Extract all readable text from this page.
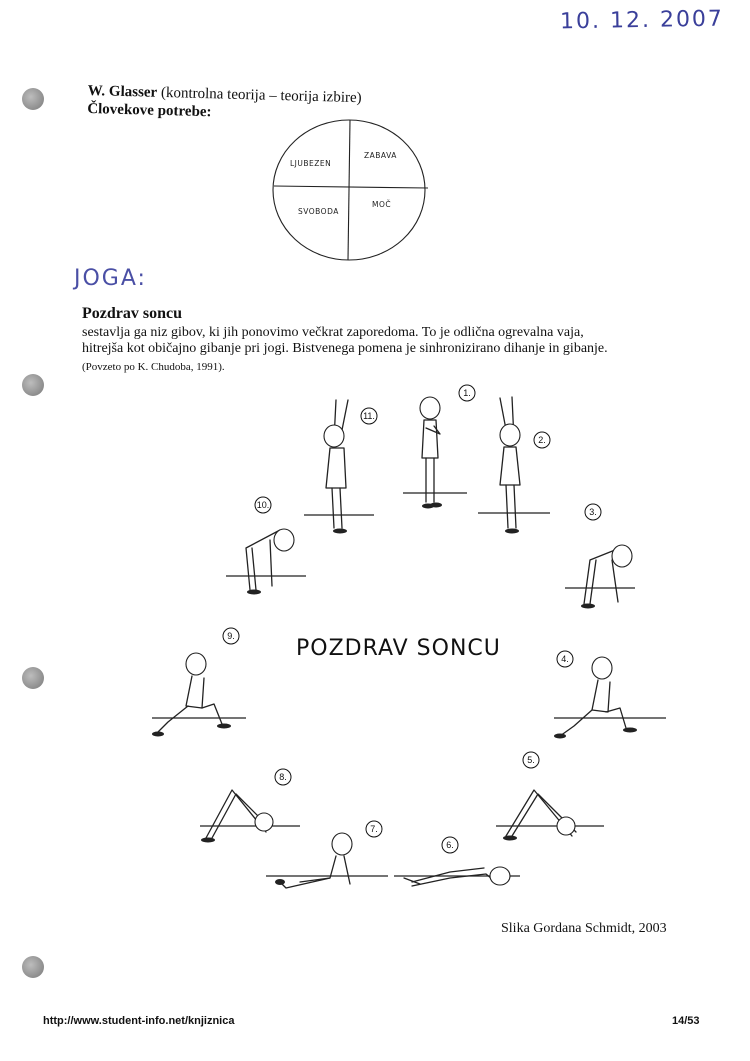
10. 12. 2007
W. Glasser (kontrolna teorija – teorija izbire)
Človekove potrebe:
LJUBEZEN
ZABAVA
SVOBODA
MOČ
JOGA:
Pozdrav soncu
sestavlja ga niz gibov, ki jih ponovimo večkrat zaporedoma. To je odlična ogrevalna vaja,
hitrejša kot običajno gibanje pri jogi. Bistvenega pomena je sinhronizirano dihanje in gibanje.
(Povzeto po K. Chudoba, 1991).
POZDRAV SONCU
1.
2.
3.
4.
5.
6.
7.
8.
9.
10.
11.
Slika Gordana Schmidt, 2003
http://www.student-info.net/knjiznica	14/53
